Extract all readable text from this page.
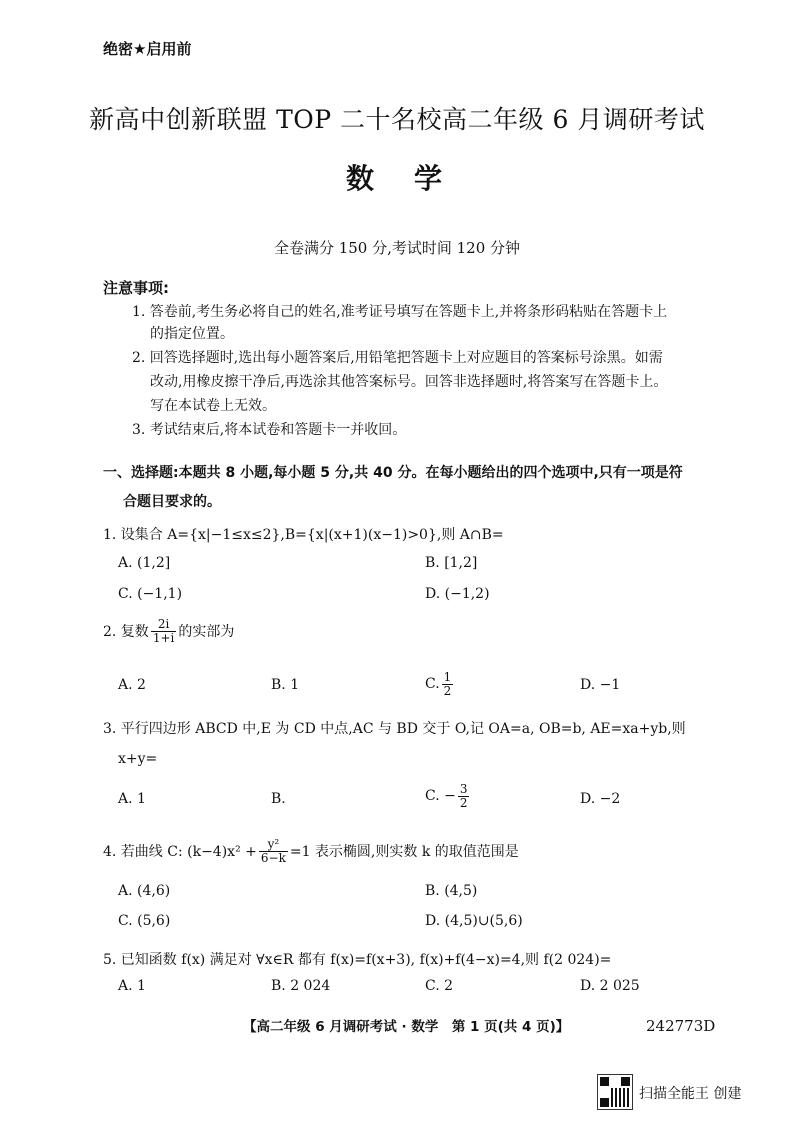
绝密★启用前
新高中创新联盟 TOP 二十名校高二年级 6 月调研考试
数　学
全卷满分 150 分,考试时间 120 分钟
注意事项:
1. 答卷前,考生务必将自己的姓名,准考证号填写在答题卡上,并将条形码粘贴在答题卡上
的指定位置。
2. 回答选择题时,选出每小题答案后,用铅笔把答题卡上对应题目的答案标号涂黑。如需
改动,用橡皮擦干净后,再选涂其他答案标号。回答非选择题时,将答案写在答题卡上。
写在本试卷上无效。
3. 考试结束后,将本试卷和答题卡一并收回。
一、选择题:本题共 8 小题,每小题 5 分,共 40 分。在每小题给出的四个选项中,只有一项是符
合题目要求的。
1. 设集合 A={x|−1≤x≤2},B={x|(x+1)(x−1)>0},则 A∩B=
A. (1,2]	B. [1,2]
C. (−1,1)	D. (−1,2)
2. 复数 $\frac{2i}{1+i}$ 的实部为
A. 2	B. 1	C. $\frac{1}{2}$	D. −1
3. 平行四边形 ABCD 中,E 为 CD 中点,AC 与 BD 交于 O,记 OA=a, OB=b, AE=xa+yb,则
x+y=
A. 1	B.	C. − $\frac{3}{2}$	D. −2
4. 若曲线 C: $(k-4)x^2 + \frac{\text{y²}}{6-k} =1$ 表示椭圆,则实数 k 的取值范围是
A. (4,6)	B. (4,5)
C. (5,6)	D. (4,5)∪(5,6)
5. 已知函数 f(x) 满足对 ∀x∈R 都有 f(x)=f(x+3), f(x)+f(4−x)=4,则 f(2 024)=
A. 1	B. 2 024	C. 2	D. 2 025
【高二年级 6 月调研考试 · 数学　第 1 页(共 4 页)】	242773D
扫描全能王 创建
